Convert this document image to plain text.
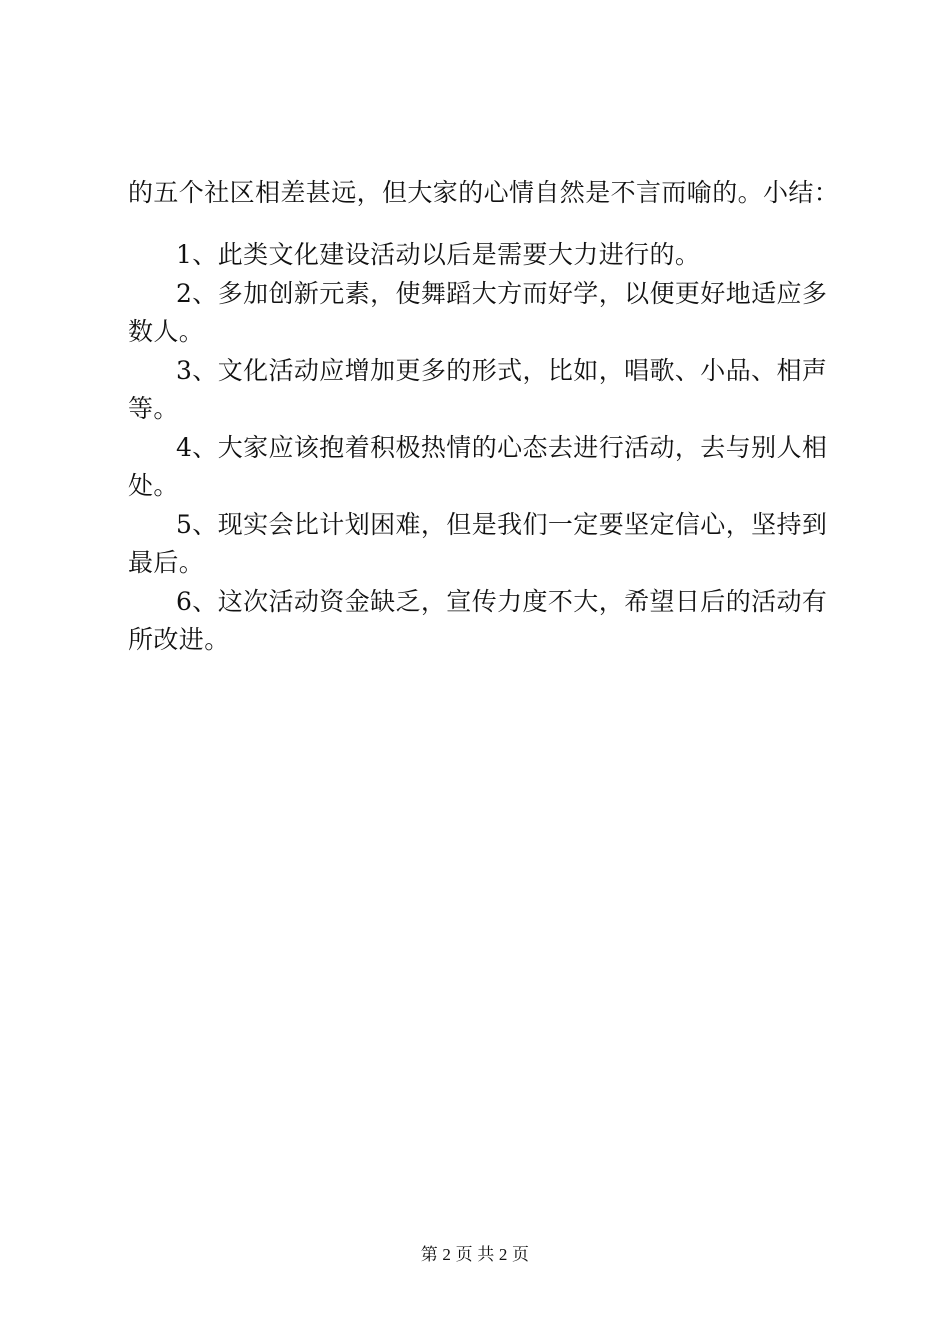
的五个社区相差甚远，但大家的心情自然是不言而喻的。小结：
1、此类文化建设活动以后是需要大力进行的。
2、多加创新元素，使舞蹈大方而好学，以便更好地适应多
数人。
3、文化活动应增加更多的形式，比如，唱歌、小品、相声
等。
4、大家应该抱着积极热情的心态去进行活动，去与别人相
处。
5、现实会比计划困难，但是我们一定要坚定信心，坚持到
最后。
6、这次活动资金缺乏，宣传力度不大，希望日后的活动有
所改进。
第 2 页 共 2 页
